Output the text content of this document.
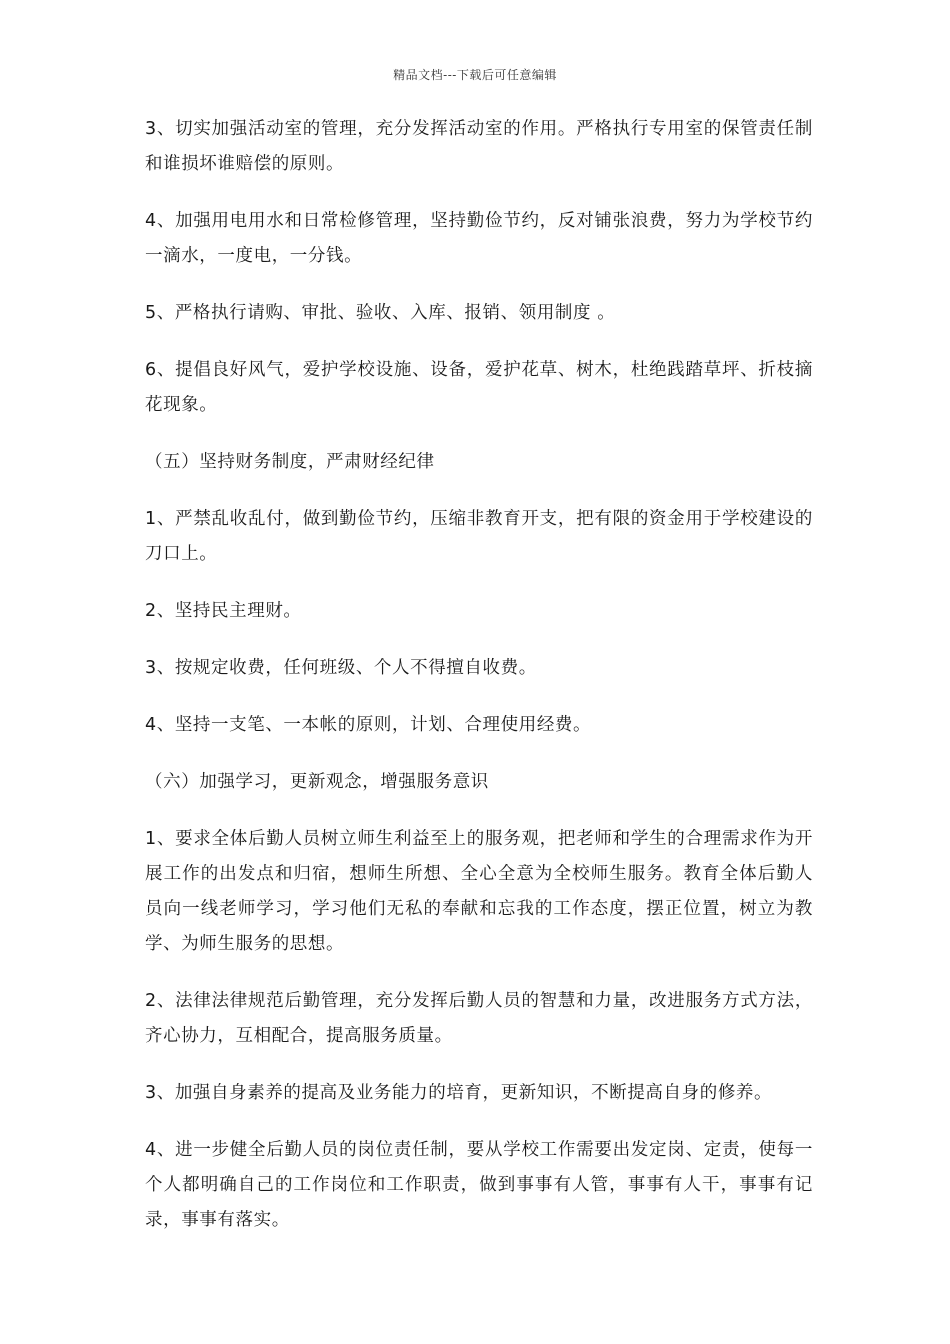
精品文档---下载后可任意编辑

3、切实加强活动室的管理，充分发挥活动室的作用。严格执行专用室的保管责任制和谁损坏谁赔偿的原则。

4、加强用电用水和日常检修管理，坚持勤俭节约，反对铺张浪费，努力为学校节约一滴水，一度电，一分钱。

5、严格执行请购、审批、验收、入库、报销、领用制度 。

6、提倡良好风气，爱护学校设施、设备，爱护花草、树木，杜绝践踏草坪、折枝摘花现象。

（五）坚持财务制度，严肃财经纪律

1、严禁乱收乱付，做到勤俭节约，压缩非教育开支，把有限的资金用于学校建设的刀口上。

2、坚持民主理财。

3、按规定收费，任何班级、个人不得擅自收费。

4、坚持一支笔、一本帐的原则，计划、合理使用经费。

（六）加强学习，更新观念，增强服务意识

1、要求全体后勤人员树立师生利益至上的服务观，把老师和学生的合理需求作为开展工作的出发点和归宿，想师生所想、全心全意为全校师生服务。教育全体后勤人员向一线老师学习，学习他们无私的奉献和忘我的工作态度，摆正位置，树立为教学、为师生服务的思想。

2、法律法律规范后勤管理，充分发挥后勤人员的智慧和力量，改进服务方式方法，齐心协力，互相配合，提高服务质量。

3、加强自身素养的提高及业务能力的培育，更新知识，不断提高自身的修养。

4、进一步健全后勤人员的岗位责任制，要从学校工作需要出发定岗、定责，使每一个人都明确自己的工作岗位和工作职责，做到事事有人管，事事有人干，事事有记录，事事有落实。
